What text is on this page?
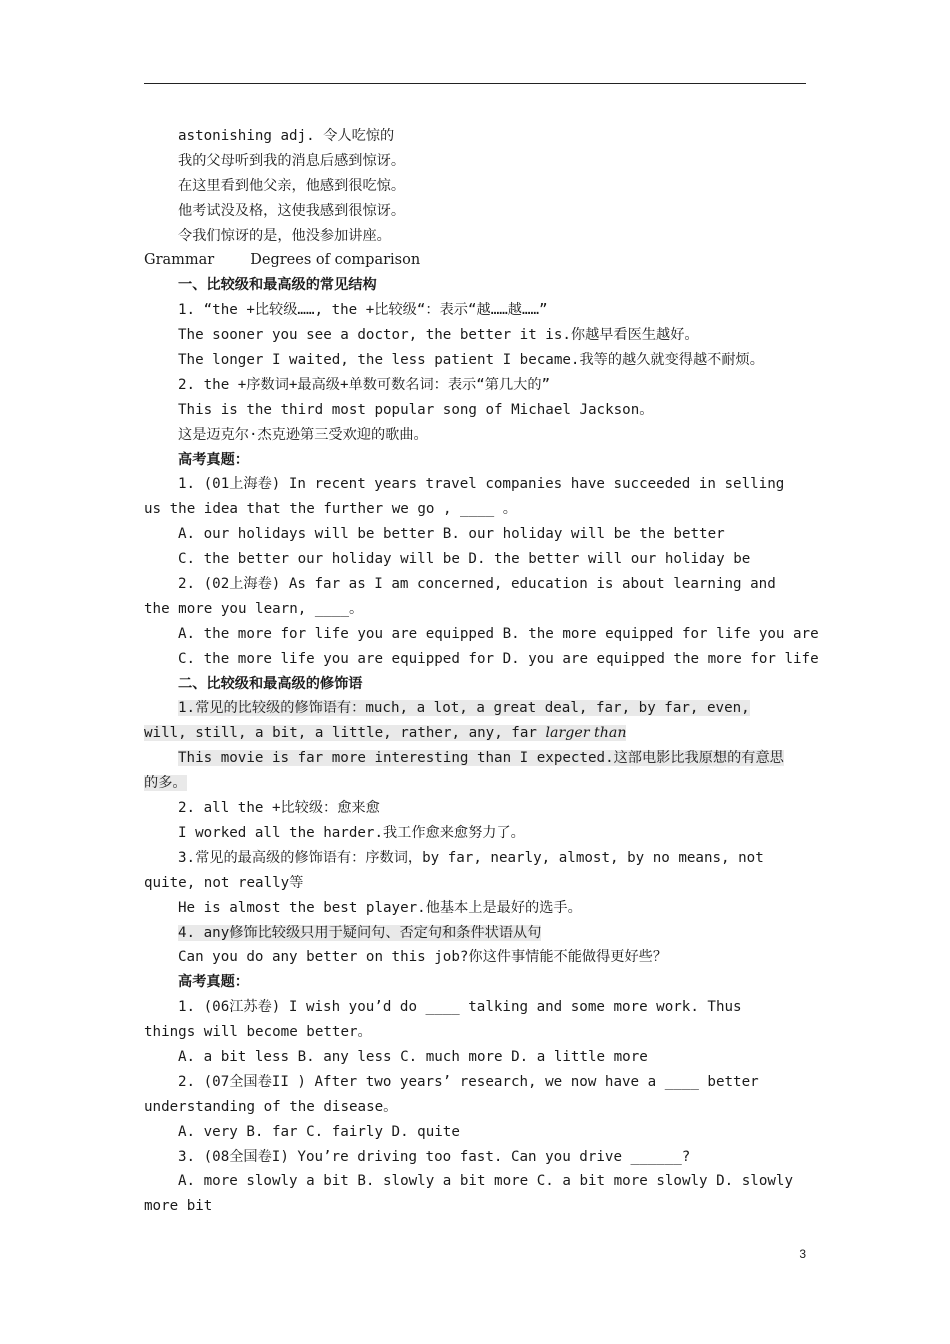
astonishing adj. 令人吃惊的
我的父母听到我的消息后感到惊讶。
在这里看到他父亲，他感到很吃惊。
他考试没及格，这使我感到很惊讶。
令我们惊讶的是，他没参加讲座。
Grammar Degrees of comparison
一、比较级和最高级的常见结构
1. “the +比较级……, the +比较级“：表示“越……越……”
The sooner you see a doctor, the better it is.你越早看医生越好。
The longer I waited, the less patient I became.我等的越久就变得越不耐烦。
2. the +序数词+最高级+单数可数名词：表示“第几大的”
This is the third most popular song of Michael Jackson。
这是迈克尔·杰克逊第三受欢迎的歌曲。
高考真题：
1. (01上海卷) In recent years travel companies have succeeded in selling
us the idea that the further we go , ____ 。
A. our holidays will be better B. our holiday will be the better
C. the better our holiday will be D. the better will our holiday be
2. (02上海卷) As far as I am concerned, education is about learning and
the more you learn, ____。
A. the more for life you are equipped B. the more equipped for life you are
C. the more life you are equipped for D. you are equipped the more for life
二、比较级和最高级的修饰语
1.常见的比较级的修饰语有：much, a lot, a great deal, far, by far, even,
will, still, a bit, a little, rather, any, far larger than
This movie is far more interesting than I expected.这部电影比我原想的有意思
的多。
2. all the +比较级：愈来愈
I worked all the harder.我工作愈来愈努力了。
3.常见的最高级的修饰语有：序数词，by far, nearly, almost, by no means, not
quite, not really等
He is almost the best player.他基本上是最好的选手。
4. any修饰比较级只用于疑问句、否定句和条件状语从句
Can you do any better on this job?你这件事情能不能做得更好些？
高考真题：
1. (06江苏卷) I wish you’d do ____ talking and some more work. Thus
things will become better。
A. a bit less B. any less C. much more D. a little more
2. (07全国卷II ) After two years’ research, we now have a ____ better
understanding of the disease。
A. very B. far C. fairly D. quite
3. (08全国卷I) You’re driving too fast. Can you drive ______?
A. more slowly a bit B. slowly a bit more C. a bit more slowly D. slowly
more bit
3
